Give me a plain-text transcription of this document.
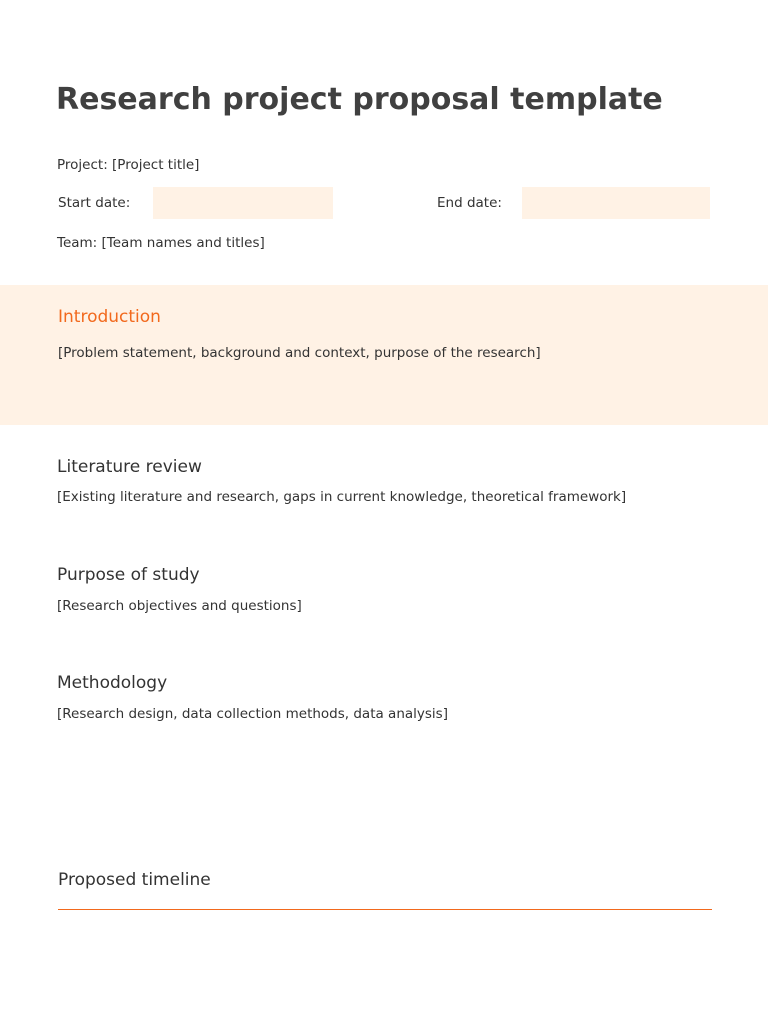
Research project proposal template
Project: [Project title]
Start date:	End date:
Team: [Team names and titles]
Introduction

[Problem statement, background and context, purpose of the research]

Literature review

[Existing literature and research, gaps in current knowledge, theoretical framework]

Purpose of study

[Research objectives and questions]

Methodology

[Research design, data collection methods, data analysis]

Proposed timeline
